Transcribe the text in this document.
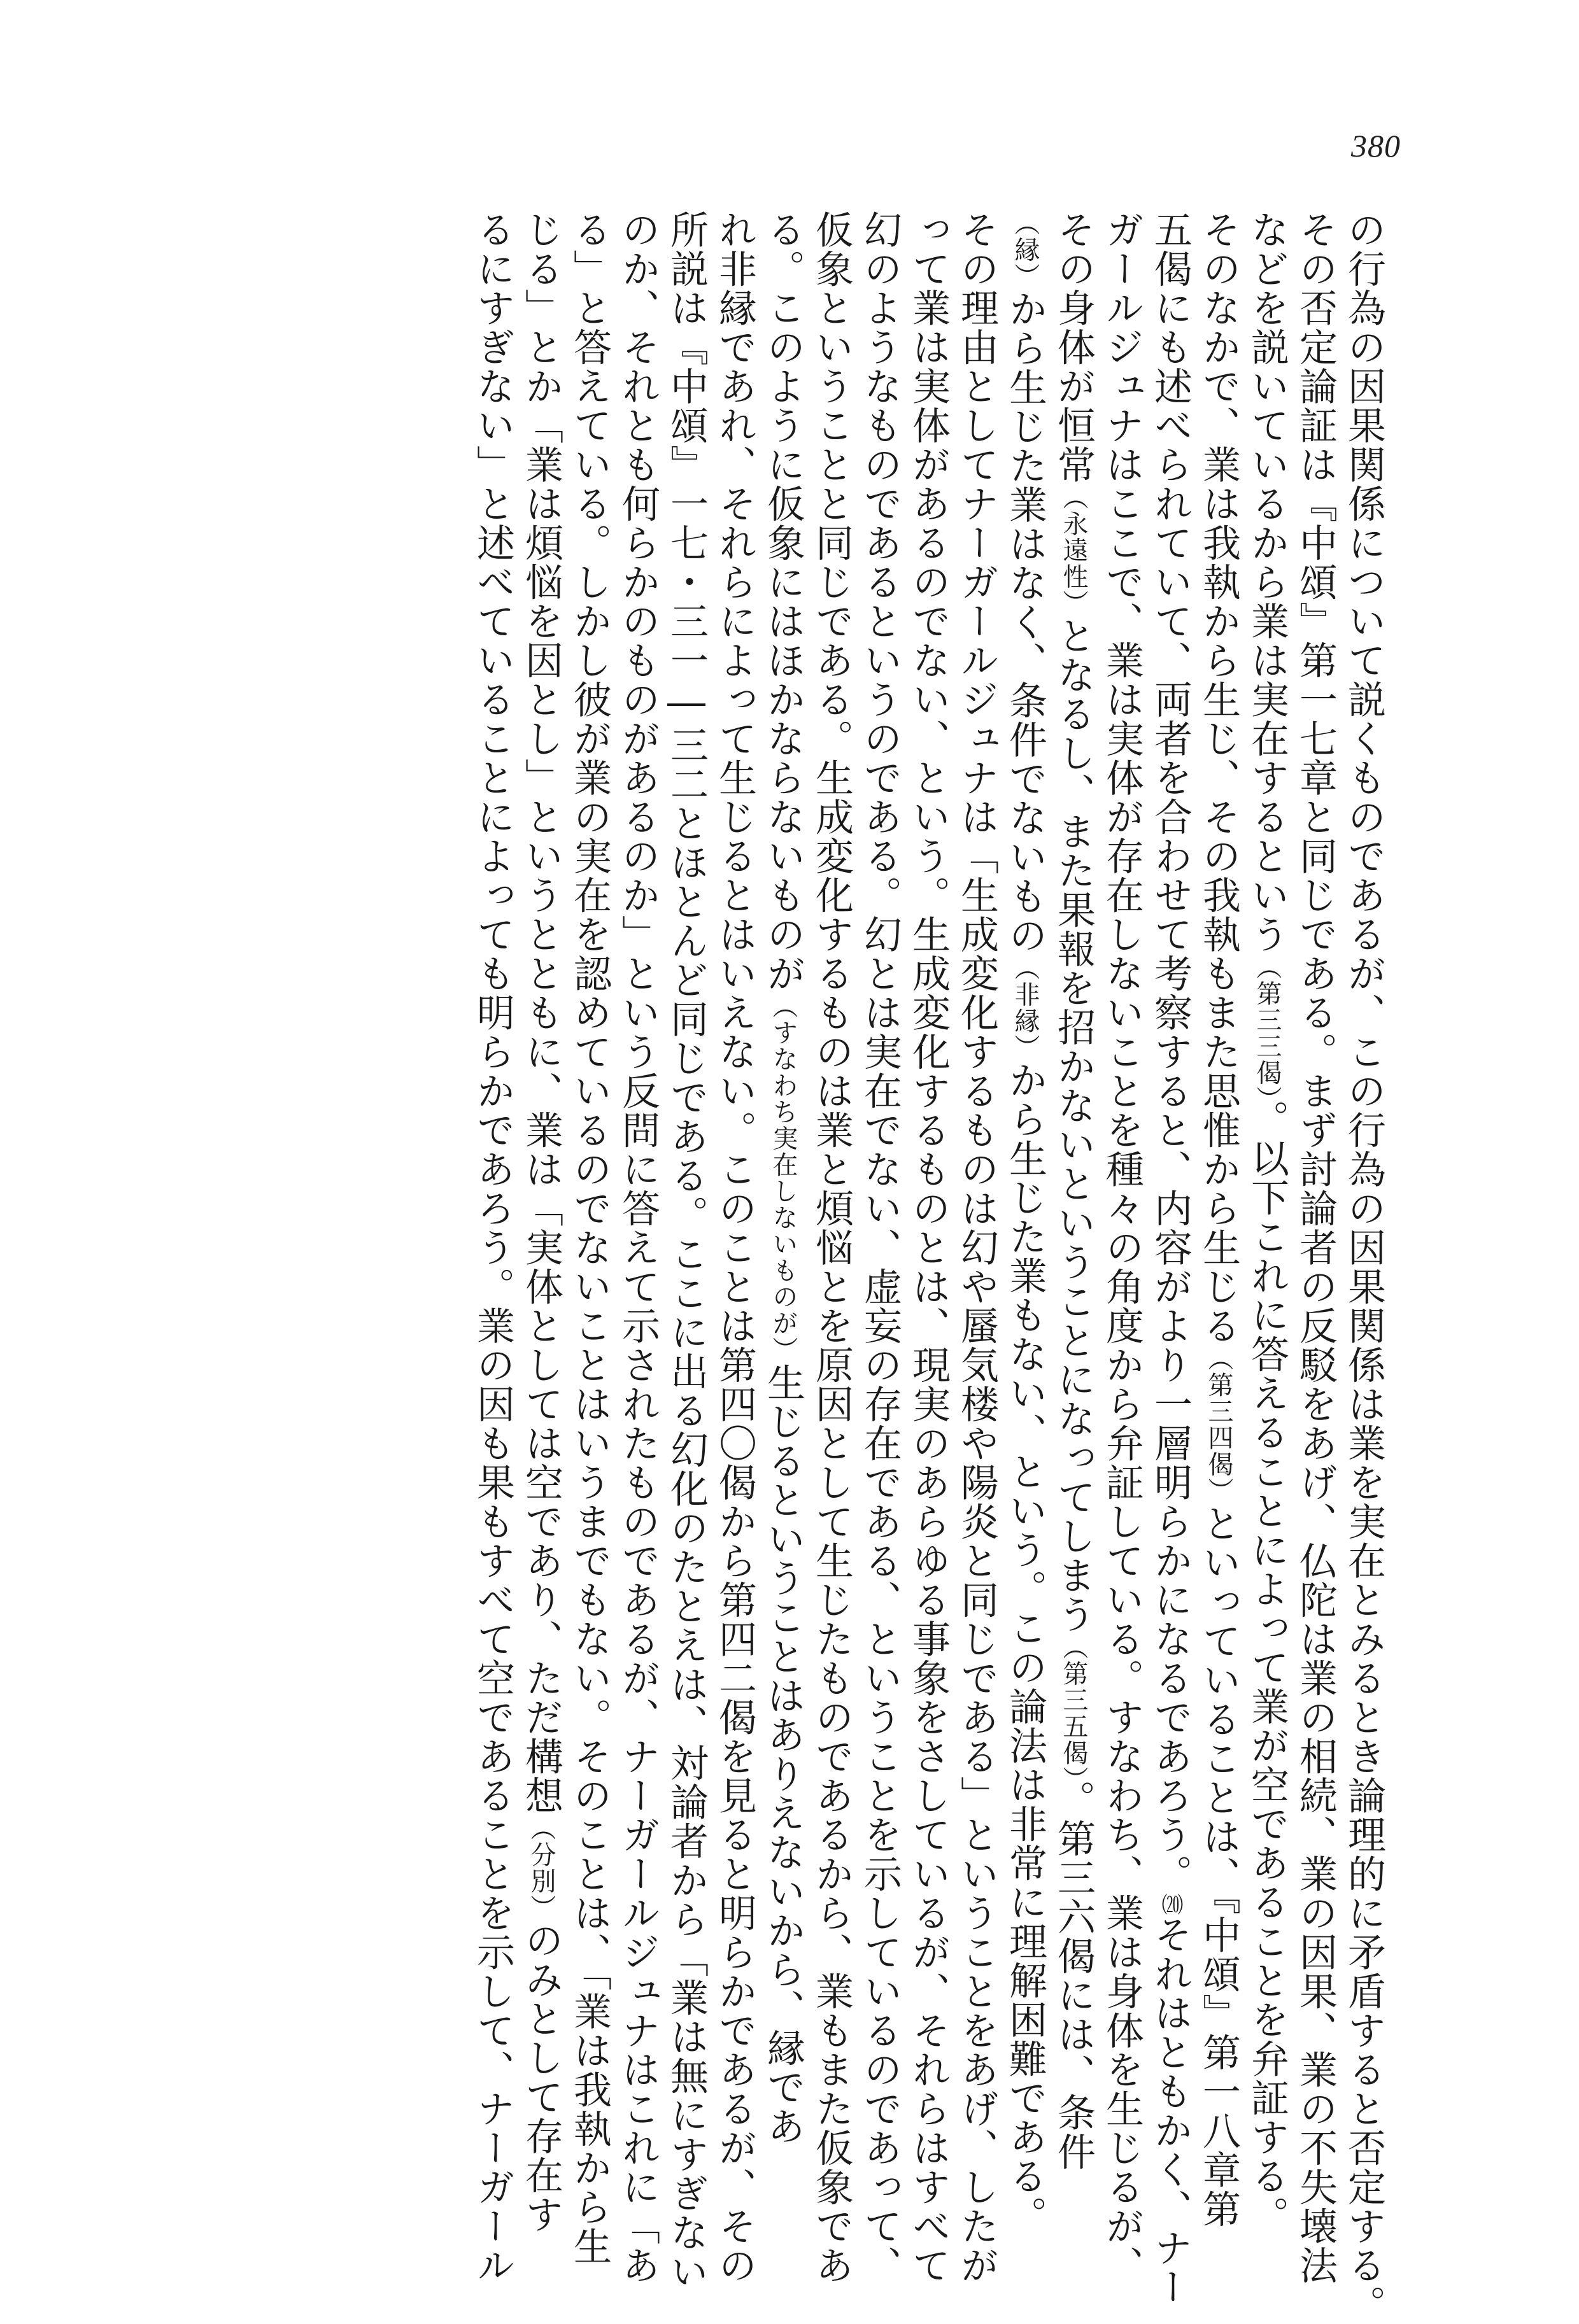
380
の行為の因果関係について説くものであるが、この行為の因果関係は業を実在とみるとき論理的に矛盾すると否定する。
その否定論証は『中頌』第一七章と同じである。まず討論者の反駁をあげ、仏陀は業の相続、業の因果、業の不失壊法
などを説いているから業は実在するという（第三三偈）。以下これに答えることによって業が空であることを弁証する。
そのなかで、業は我執から生じ、その我執もまた思惟から生じる（第三四偈）といっていることは、『中頌』第一八章第
五偈にも述べられていて、両者を合わせて考察すると、内容がより一層明らかになるであろう。⒇それはともかく、ナー
ガールジュナはここで、業は実体が存在しないことを種々の角度から弁証している。すなわち、業は身体を生じるが、
その身体が恒常（永遠性）となるし、また果報を招かないということになってしまう（第三五偈）。第三六偈には、条件
（縁）から生じた業はなく、条件でないもの（非縁）から生じた業もない、という。この論法は非常に理解困難である。
その理由としてナーガールジュナは「生成変化するものは幻や蜃気楼や陽炎と同じである」ということをあげ、したが
って業は実体があるのでない、という。生成変化するものとは、現実のあらゆる事象をさしているが、それらはすべて
幻のようなものであるというのである。幻とは実在でない、虚妄の存在である、ということを示しているのであって、
仮象ということと同じである。生成変化するものは業と煩悩とを原因として生じたものであるから、業もまた仮象であ
る。このように仮象にはほかならないものが（すなわち実在しないものが）生じるということはありえないから、縁であ
れ非縁であれ、それらによって生じるとはいえない。このことは第四〇偈から第四二偈を見ると明らかであるが、その
所説は『中頌』一七・三一―三二とほとんど同じである。ここに出る幻化のたとえは、対論者から「業は無にすぎない
のか、それとも何らかのものがあるのか」という反問に答えて示されたものであるが、ナーガールジュナはこれに「あ
る」と答えている。しかし彼が業の実在を認めているのでないことはいうまでもない。そのことは、「業は我執から生
じる」とか「業は煩悩を因とし」というとともに、業は「実体としては空であり、ただ構想（分別）のみとして存在す
るにすぎない」と述べていることによっても明らかであろう。業の因も果もすべて空であることを示して、ナーガール
